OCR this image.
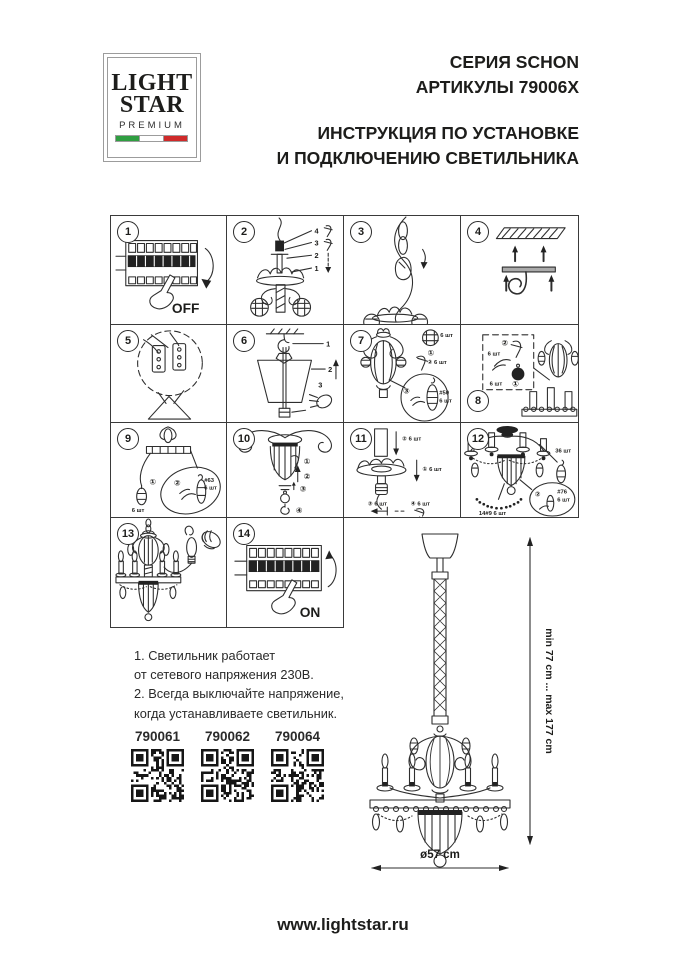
LIGHT
STAR
PREMIUM
СЕРИЯ SCHON
АРТИКУЛЫ 79006X
ИНСТРУКЦИЯ ПО УСТАНОВКЕ
И ПОДКЛЮЧЕНИЮ СВЕТИЛЬНИКА
1
OFF
2	4
3
2
1
3	4
5	6	1
2
3
7	6 шт
①
② 6 шт
③	#50
6 шт	8
②
6 шт
6 шт ①
9
①
6 шт
②	#63
6 шт
10
①
②
③
④
11	② 6 шт
① 6 шт
③ 6 шт	④ 6 шт
12
14#9 6 шт
36 шт
②	#76
6 шт
13	14
ON
1. Светильник работает
от сетевого напряжения 230В.
2. Всегда выключайте напряжение,
когда устанавливаете светильник.
790061 790062 790064	min 77 cm ... max 177 cm
ø57 cm
www.lightstar.ru
